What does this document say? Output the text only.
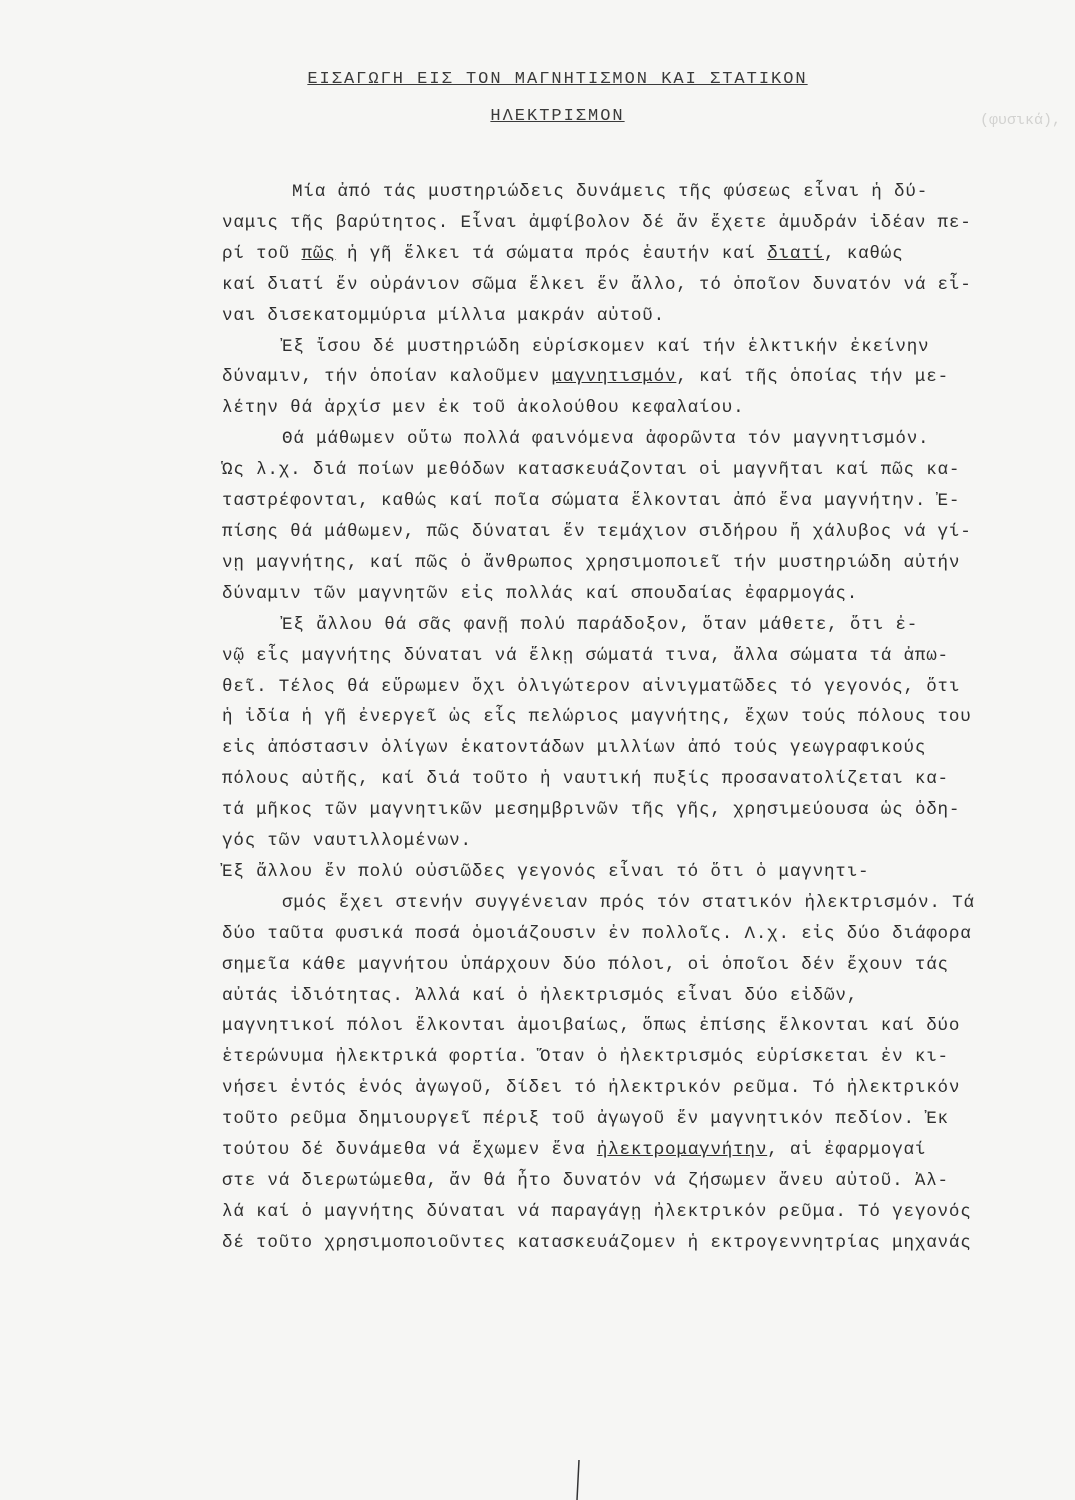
(φυσικά),
ΕΙΣΑΓΩΓΗ ΕΙΣ ΤΟΝ ΜΑΓΝΗΤΙΣΜΟΝ ΚΑΙ ΣΤΑΤΙΚΟΝ
ΗΛΕΚΤΡΙΣΜΟΝ
Μία ἀπό τάς μυστηριώδεις δυνάμεις τῆς φύσεως εἶναι ἡ δύ-
ναμις τῆς βαρύτητος. Εἶναι ἀμφίβολον δέ ἄν ἔχετε ἀμυδράν ἰδέαν πε-
ρί τοῦ πῶς ἡ γῆ ἕλκει τά σώματα πρός ἑαυτήν καί διατί, καθώς
καί διατί ἕν οὐράνιον σῶμα ἕλκει ἕν ἄλλο, τό ὁποῖον δυνατόν νά εἶ-
ναι δισεκατομμύρια μίλλια μακράν αὐτοῦ.
Ἐξ ἴσου δέ μυστηριώδη εὑρίσκομεν καί τήν ἑλκτικήν ἐκείνην
δύναμιν, τήν ὁποίαν καλοῦμεν μαγνητισμόν, καί τῆς ὁποίας τήν με-
λέτην θά ἀρχίσ μεν ἐκ τοῦ ἀκολούθου κεφαλαίου.
Θά μάθωμεν οὕτω πολλά φαινόμενα ἀφορῶντα τόν μαγνητισμόν.
Ὡς λ.χ. διά ποίων μεθόδων κατασκευάζονται οἱ μαγνῆται καί πῶς κα-
ταστρέφονται, καθώς καί ποῖα σώματα ἕλκονται ἀπό ἕνα μαγνήτην. Ἐ-
πίσης θά μάθωμεν, πῶς δύναται ἕν τεμάχιον σιδήρου ἤ χάλυβος νά γί-
νῃ μαγνήτης, καί πῶς ὁ ἄνθρωπος χρησιμοποιεῖ τήν μυστηριώδη αὐτήν
δύναμιν τῶν μαγνητῶν εἰς πολλάς καί σπουδαίας ἐφαρμογάς.
Ἐξ ἄλλου θά σᾶς φανῇ πολύ παράδοξον, ὅταν μάθετε, ὅτι ἐ-
νῷ εἷς μαγνήτης δύναται νά ἕλκῃ σώματά τινα, ἄλλα σώματα τά ἀπω-
θεῖ. Τέλος θά εὕρωμεν ὄχι ὀλιγώτερον αἰνιγματῶδες τό γεγονός, ὅτι
ἡ ἰδία ἡ γῆ ἐνεργεῖ ὡς εἷς πελώριος μαγνήτης, ἔχων τούς πόλους του
εἰς ἀπόστασιν ὀλίγων ἑκατοντάδων μιλλίων ἀπό τούς γεωγραφικούς
πόλους αὐτῆς, καί διά τοῦτο ἡ ναυτική πυξίς προσανατολίζεται κα-
τά μῆκος τῶν μαγνητικῶν μεσημβρινῶν τῆς γῆς, χρησιμεύουσα ὡς ὁδη-
γός τῶν ναυτιλλομένων.
Ἐξ ἄλλου ἕν πολύ οὐσιῶδες γεγονός εἶναι τό ὅτι ὁ μαγνητι-
σμός ἔχει στενήν συγγένειαν πρός τόν στατικόν ἠλεκτρισμόν. Τά
δύο ταῦτα φυσικά ποσά ὁμοιάζουσιν ἐν πολλοῖς. Λ.χ. εἰς δύο διάφορα
σημεῖα κάθε μαγνήτου ὑπάρχουν δύο πόλοι, οἱ ὁποῖοι δέν ἔχουν τάς
αὐτάς ἰδιότητας. Ἀλλά καί ὁ ἠλεκτρισμός εἶναι δύο εἰδῶν,
μαγνητικοί πόλοι ἕλκονται ἀμοιβαίως, ὅπως ἐπίσης ἕλκονται καί δύο
ἑτερώνυμα ἠλεκτρικά φορτία. Ὅταν ὁ ἠλεκτρισμός εὑρίσκεται ἐν κι-
νήσει ἐντός ἑνός ἀγωγοῦ, δίδει τό ἠλεκτρικόν ρεῦμα. Τό ἠλεκτρικόν
τοῦτο ρεῦμα δημιουργεῖ πέριξ τοῦ ἀγωγοῦ ἕν μαγνητικόν πεδίον. Ἐκ
τούτου δέ δυνάμεθα νά ἔχωμεν ἕνα ἠλεκτρομαγνήτην, αἱ ἐφαρμογαί
στε νά διερωτώμεθα, ἄν θά ἦτο δυνατόν νά ζήσωμεν ἄνευ αὐτοῦ. Ἀλ-
λά καί ὁ μαγνήτης δύναται νά παραγάγῃ ἠλεκτρικόν ρεῦμα. Τό γεγονός
δέ τοῦτο χρησιμοποιοῦντες κατασκευάζομεν ἡ εκτρογεννητρίας μηχανάς
